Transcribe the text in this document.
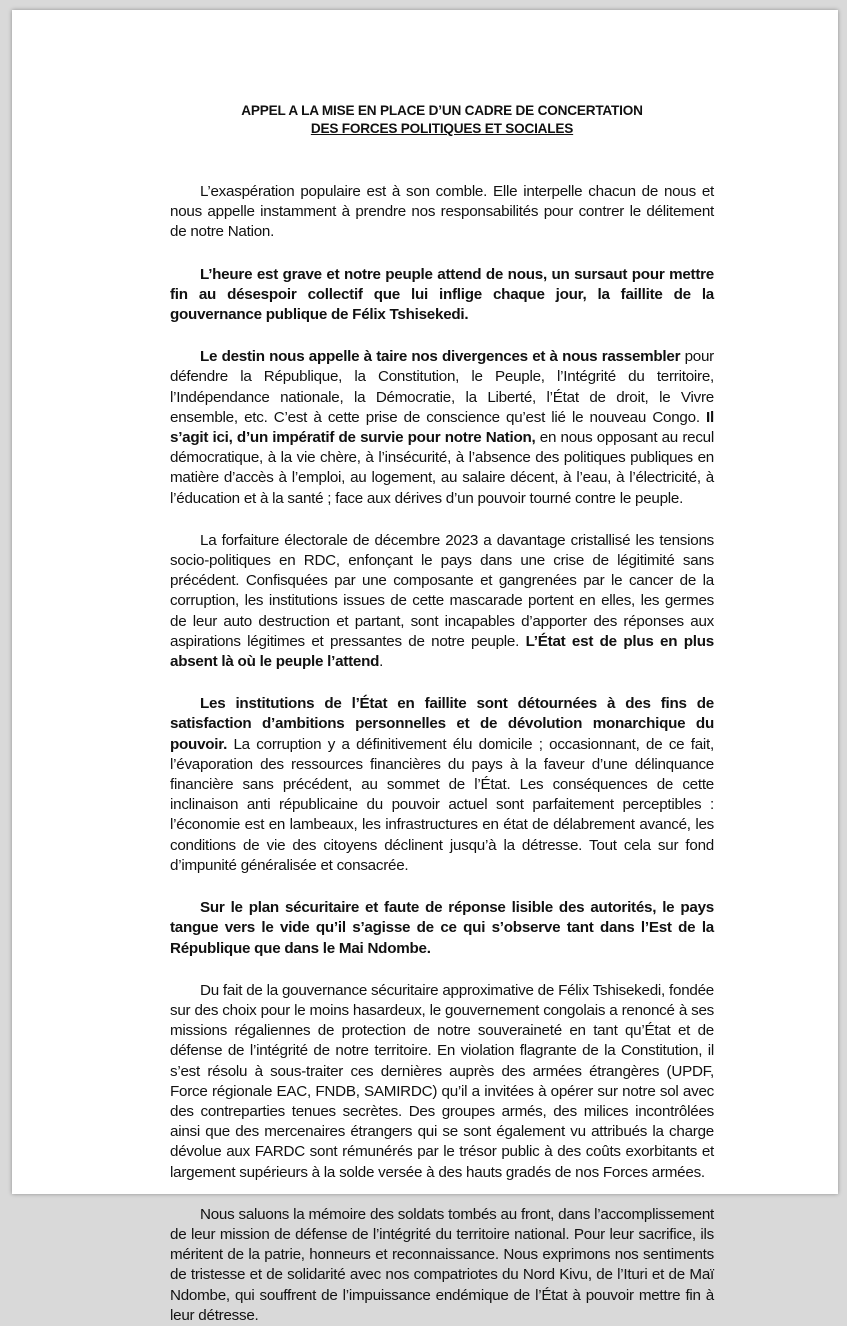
APPEL A LA MISE EN PLACE D’UN CADRE DE CONCERTATION
DES FORCES POLITIQUES ET SOCIALES

L’exaspération populaire est à son comble. Elle interpelle chacun de nous et nous appelle instamment à prendre nos responsabilités pour contrer le délitement de notre Nation.

L’heure est grave et notre peuple attend de nous, un sursaut pour mettre fin au désespoir collectif que lui inflige chaque jour, la faillite de la gouvernance publique de Félix Tshisekedi.

Le destin nous appelle à taire nos divergences et à nous rassembler pour défendre la République, la Constitution, le Peuple, l’Intégrité du territoire, l’Indépendance nationale, la Démocratie, la Liberté, l’État de droit, le Vivre ensemble, etc. C’est à cette prise de conscience qu’est lié le nouveau Congo. Il s’agit ici, d’un impératif de survie pour notre Nation, en nous opposant au recul démocratique, à la vie chère, à l’insécurité, à l’absence des politiques publiques en matière d’accès à l’emploi, au logement, au salaire décent, à l’eau, à l’électricité, à l’éducation et à la santé ; face aux dérives d’un pouvoir tourné contre le peuple.

La forfaiture électorale de décembre 2023 a davantage cristallisé les tensions socio-politiques en RDC, enfonçant le pays dans une crise de légitimité sans précédent. Confisquées par une composante et gangrenées par le cancer de la corruption, les institutions issues de cette mascarade portent en elles, les germes de leur auto destruction et partant, sont incapables d’apporter des réponses aux aspirations légitimes et pressantes de notre peuple. L’État est de plus en plus absent là où le peuple l’attend.

Les institutions de l’État en faillite sont détournées à des fins de satisfaction d’ambitions personnelles et de dévolution monarchique du pouvoir. La corruption y a définitivement élu domicile ; occasionnant, de ce fait, l’évaporation des ressources financières du pays à la faveur d’une délinquance financière sans précédent, au sommet de l’État. Les conséquences de cette inclinaison anti républicaine du pouvoir actuel sont parfaitement perceptibles : l’économie est en lambeaux, les infrastructures en état de délabrement avancé, les conditions de vie des citoyens déclinent jusqu’à la détresse. Tout cela sur fond d’impunité généralisée et consacrée.

Sur le plan sécuritaire et faute de réponse lisible des autorités, le pays tangue vers le vide qu’il s’agisse de ce qui s’observe tant dans l’Est de la République que dans le Mai Ndombe.

Du fait de la gouvernance sécuritaire approximative de Félix Tshisekedi, fondée sur des choix pour le moins hasardeux, le gouvernement congolais a renoncé à ses missions régaliennes de protection de notre souveraineté en tant qu’État et de défense de l’intégrité de notre territoire. En violation flagrante de la Constitution, il s’est résolu à sous-traiter ces dernières auprès des armées étrangères (UPDF, Force régionale EAC, FNDB, SAMIRDC) qu’il a invitées à opérer sur notre sol avec des contreparties tenues secrètes. Des groupes armés, des milices incontrôlées ainsi que des mercenaires étrangers qui se sont également vu attribués la charge dévolue aux FARDC sont rémunérés par le trésor public à des coûts exorbitants et largement supérieurs à la solde versée à des hauts gradés de nos Forces armées.

Nous saluons la mémoire des soldats tombés au front, dans l’accomplissement de leur mission de défense de l’intégrité du territoire national. Pour leur sacrifice, ils méritent de la patrie, honneurs et reconnaissance. Nous exprimons nos sentiments de tristesse et de solidarité avec nos compatriotes du Nord Kivu, de l’Ituri et de Maï Ndombe, qui souffrent de l’impuissance endémique de l’État à pouvoir mettre fin à leur détresse.
